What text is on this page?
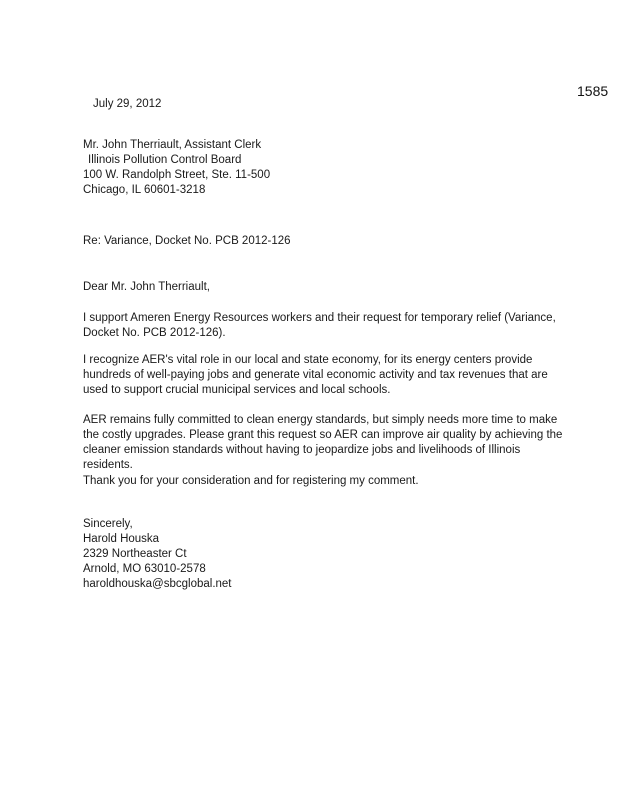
1585

July 29, 2012

Mr. John Therriault, Assistant Clerk
Illinois Pollution Control Board
100 W. Randolph Street, Ste. 11-500
Chicago, IL 60601-3218

Re: Variance, Docket No. PCB 2012-126

Dear Mr. John Therriault,

I support Ameren Energy Resources workers and their request for temporary relief (Variance, Docket No. PCB 2012-126).

I recognize AER's vital role in our local and state economy, for its energy centers provide hundreds of well-paying jobs and generate vital economic activity and tax revenues that are used to support crucial municipal services and local schools.

AER remains fully committed to clean energy standards, but simply needs more time to make the costly upgrades. Please grant this request so AER can improve air quality by achieving the cleaner emission standards without having to jeopardize jobs and livelihoods of Illinois residents.

Thank you for your consideration and for registering my comment.

Sincerely,
Harold Houska
2329 Northeaster Ct
Arnold, MO 63010-2578
haroldhouska@sbcglobal.net
